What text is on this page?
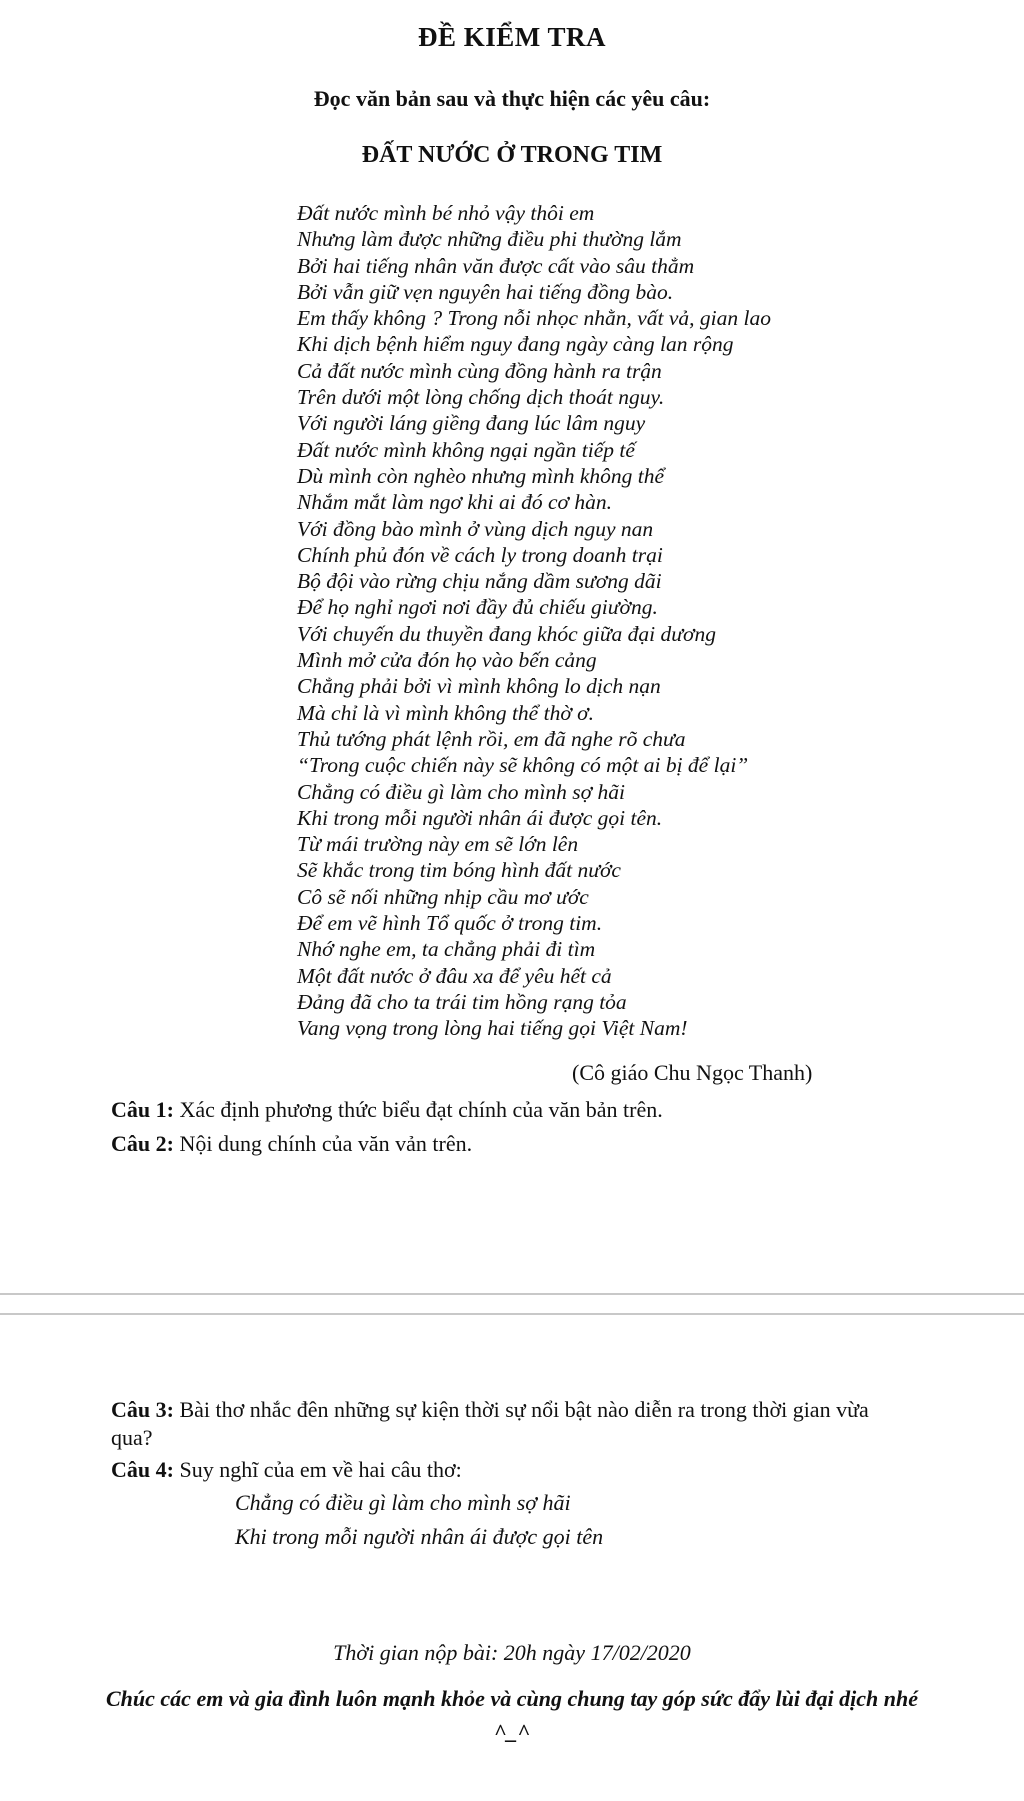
ĐỀ KIỂM TRA
Đọc văn bản sau và thực hiện các yêu câu:
ĐẤT NƯỚC Ở TRONG TIM
Đất nước mình bé nhỏ vậy thôi em
Nhưng làm được những điều phi thường lắm
Bởi hai tiếng nhân văn được cất vào sâu thẳm
Bởi vẫn giữ vẹn nguyên hai tiếng đồng bào.
Em thấy không ? Trong nỗi nhọc nhằn, vất vả, gian lao
Khi dịch bệnh hiểm nguy đang ngày càng lan rộng
Cả đất nước mình cùng đồng hành ra trận
Trên dưới một lòng chống dịch thoát nguy.
Với người láng giềng đang lúc lâm nguy
Đất nước mình không ngại ngần tiếp tế
Dù mình còn nghèo nhưng mình không thể
Nhắm mắt làm ngơ khi ai đó cơ hàn.
Với đồng bào mình ở vùng dịch nguy nan
Chính phủ đón về cách ly trong doanh trại
Bộ đội vào rừng chịu nắng dầm sương dãi
Để họ nghỉ ngơi nơi đầy đủ chiếu giường.
Với chuyến du thuyền đang khóc giữa đại dương
Mình mở cửa đón họ vào bến cảng
Chẳng phải bởi vì mình không lo dịch nạn
Mà chỉ là vì mình không thể thờ ơ.
Thủ tướng phát lệnh rồi, em đã nghe rõ chưa
“Trong cuộc chiến này sẽ không có một ai bị để lại”
Chẳng có điều gì làm cho mình sợ hãi
Khi trong mỗi người nhân ái được gọi tên.
Từ mái trường này em sẽ lớn lên
Sẽ khắc trong tim bóng hình đất nước
Cô sẽ nối những nhịp cầu mơ ước
Để em vẽ hình Tổ quốc ở trong tim.
Nhớ nghe em, ta chẳng phải đi tìm
Một đất nước ở đâu xa để yêu hết cả
Đảng đã cho ta trái tim hồng rạng tỏa
Vang vọng trong lòng hai tiếng gọi Việt Nam!
(Cô giáo Chu Ngọc Thanh)
Câu 1: Xác định phương thức biểu đạt chính của văn bản trên.
Câu 2: Nội dung chính của văn vản trên.
Câu 3: Bài thơ nhắc đên những sự kiện thời sự nổi bật nào diễn ra trong thời gian vừa qua?
Câu 4: Suy nghĩ của em về hai câu thơ:
Chẳng có điều gì làm cho mình sợ hãi
Khi trong mỗi người nhân ái được gọi tên
Thời gian nộp bài: 20h ngày 17/02/2020
Chúc các em và gia đình luôn mạnh khỏe và cùng chung tay góp sức đẩy lùi đại dịch nhé ^_^
